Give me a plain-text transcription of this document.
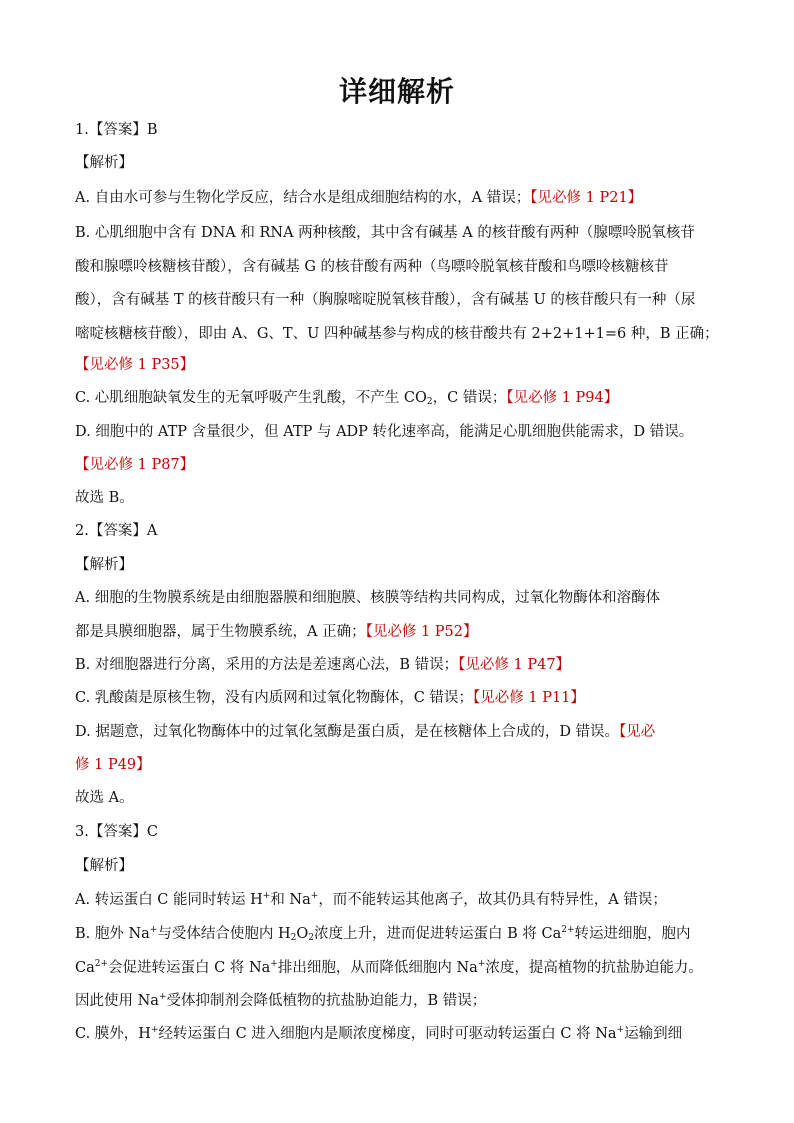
详细解析
1.【答案】B
【解析】
A. 自由水可参与生物化学反应，结合水是组成细胞结构的水，A 错误；【见必修 1 P21】
B. 心肌细胞中含有 DNA 和 RNA 两种核酸，其中含有碱基 A 的核苷酸有两种（腺嘌呤脱氧核苷
酸和腺嘌呤核糖核苷酸），含有碱基 G 的核苷酸有两种（鸟嘌呤脱氧核苷酸和鸟嘌呤核糖核苷
酸），含有碱基 T 的核苷酸只有一种（胸腺嘧啶脱氧核苷酸），含有碱基 U 的核苷酸只有一种（尿
嘧啶核糖核苷酸），即由 A、G、T、U 四种碱基参与构成的核苷酸共有 2+2+1+1=6 种，B 正确；
【见必修 1 P35】
C. 心肌细胞缺氧发生的无氧呼吸产生乳酸，不产生 $CO_2$，C 错误；【见必修 1 P94】
D. 细胞中的 ATP 含量很少，但 ATP 与 ADP 转化速率高，能满足心肌细胞供能需求，D 错误。
【见必修 1 P87】
故选 B。
2.【答案】A
【解析】
A. 细胞的生物膜系统是由细胞器膜和细胞膜、核膜等结构共同构成，过氧化物酶体和溶酶体
都是具膜细胞器，属于生物膜系统，A 正确；【见必修 1 P52】
B. 对细胞器进行分离，采用的方法是差速离心法，B 错误；【见必修 1 P47】
C. 乳酸菌是原核生物，没有内质网和过氧化物酶体，C 错误；【见必修 1 P11】
D. 据题意，过氧化物酶体中的过氧化氢酶是蛋白质，是在核糖体上合成的，D 错误。【见必
修 1 P49】
故选 A。
3.【答案】C
【解析】
A. 转运蛋白 C 能同时转运 H+和 Na+，而不能转运其他离子，故其仍具有特异性，A 错误；
B. 胞外 Na+与受体结合使胞内 $H_2O_2$浓度上升，进而促进转运蛋白 B 将 $Ca^{2+}$转运进细胞，胞内
$Ca^{2+}$会促进转运蛋白 C 将 Na+排出细胞，从而降低细胞内 Na+浓度，提高植物的抗盐胁迫能力。
因此使用 Na+受体抑制剂会降低植物的抗盐胁迫能力，B 错误；
C. 膜外，H+经转运蛋白 C 进入细胞内是顺浓度梯度，同时可驱动转运蛋白 C 将 Na+运输到细
